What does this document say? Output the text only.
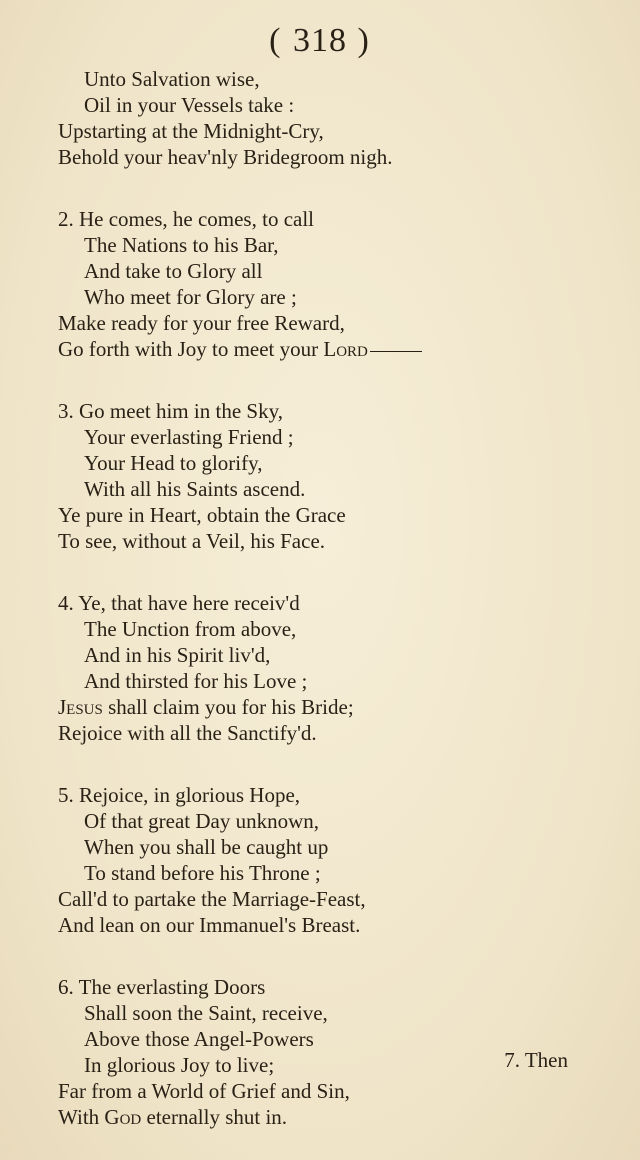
( 318 )
Unto Salvation wise,
Oil in your Vessels take :
Upstarting at the Midnight-Cry,
Behold your heav'nly Bridegroom nigh.
2. He comes, he comes, to call
The Nations to his Bar,
And take to Glory all
Who meet for Glory are ;
Make ready for your free Reward,
Go forth with Joy to meet your Lord
3. Go meet him in the Sky,
Your everlasting Friend ;
Your Head to glorify,
With all his Saints ascend.
Ye pure in Heart, obtain the Grace
To see, without a Veil, his Face.
4. Ye, that have here receiv'd
The Unction from above,
And in his Spirit liv'd,
And thirsted for his Love ;
Jesus shall claim you for his Bride;
Rejoice with all the Sanctify'd.
5. Rejoice, in glorious Hope,
Of that great Day unknown,
When you shall be caught up
To stand before his Throne ;
Call'd to partake the Marriage-Feast,
And lean on our Immanuel's Breast.
6. The everlasting Doors
Shall soon the Saint, receive,
Above those Angel-Powers
In glorious Joy to live;
Far from a World of Grief and Sin,
With God eternally shut in.
7. Then
